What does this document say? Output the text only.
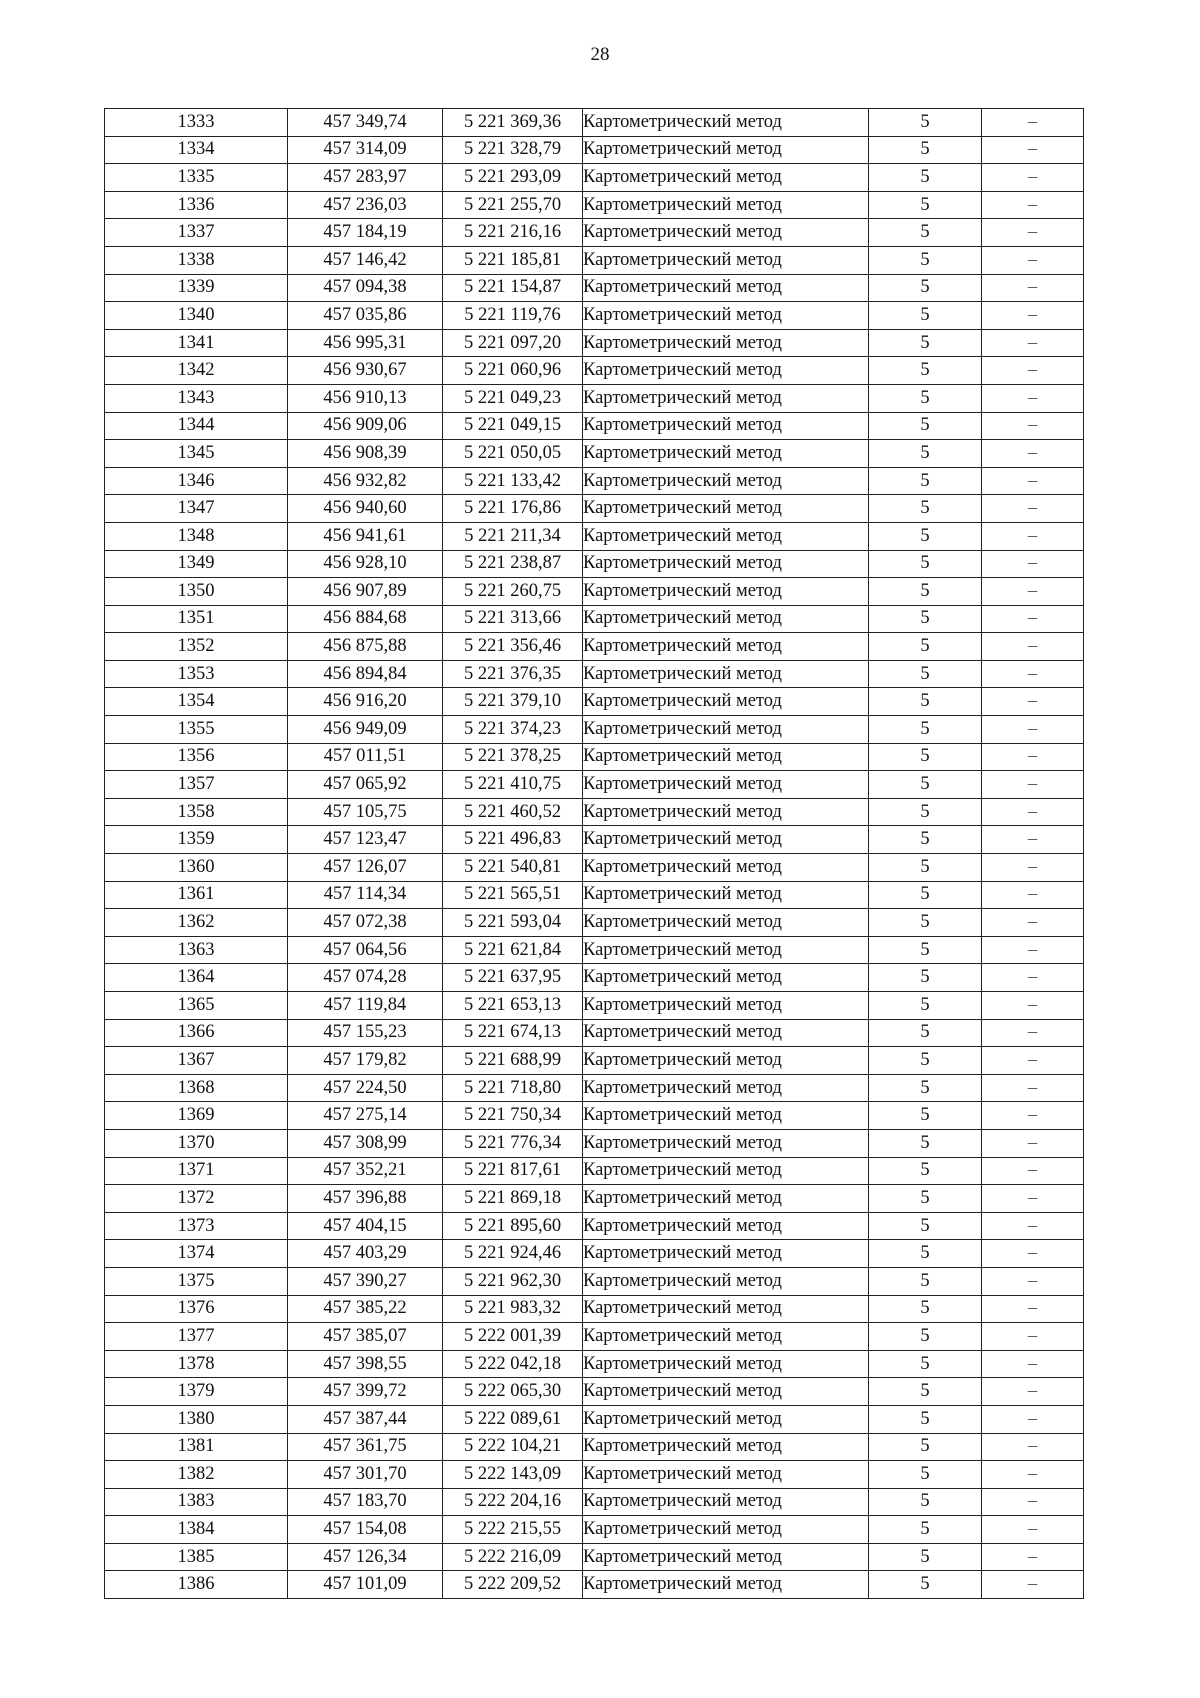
28
1333	457 349,74	5 221 369,36	Картометрический метод	5	–
1334	457 314,09	5 221 328,79	Картометрический метод	5	–
1335	457 283,97	5 221 293,09	Картометрический метод	5	–
1336	457 236,03	5 221 255,70	Картометрический метод	5	–
1337	457 184,19	5 221 216,16	Картометрический метод	5	–
1338	457 146,42	5 221 185,81	Картометрический метод	5	–
1339	457 094,38	5 221 154,87	Картометрический метод	5	–
1340	457 035,86	5 221 119,76	Картометрический метод	5	–
1341	456 995,31	5 221 097,20	Картометрический метод	5	–
1342	456 930,67	5 221 060,96	Картометрический метод	5	–
1343	456 910,13	5 221 049,23	Картометрический метод	5	–
1344	456 909,06	5 221 049,15	Картометрический метод	5	–
1345	456 908,39	5 221 050,05	Картометрический метод	5	–
1346	456 932,82	5 221 133,42	Картометрический метод	5	–
1347	456 940,60	5 221 176,86	Картометрический метод	5	–
1348	456 941,61	5 221 211,34	Картометрический метод	5	–
1349	456 928,10	5 221 238,87	Картометрический метод	5	–
1350	456 907,89	5 221 260,75	Картометрический метод	5	–
1351	456 884,68	5 221 313,66	Картометрический метод	5	–
1352	456 875,88	5 221 356,46	Картометрический метод	5	–
1353	456 894,84	5 221 376,35	Картометрический метод	5	–
1354	456 916,20	5 221 379,10	Картометрический метод	5	–
1355	456 949,09	5 221 374,23	Картометрический метод	5	–
1356	457 011,51	5 221 378,25	Картометрический метод	5	–
1357	457 065,92	5 221 410,75	Картометрический метод	5	–
1358	457 105,75	5 221 460,52	Картометрический метод	5	–
1359	457 123,47	5 221 496,83	Картометрический метод	5	–
1360	457 126,07	5 221 540,81	Картометрический метод	5	–
1361	457 114,34	5 221 565,51	Картометрический метод	5	–
1362	457 072,38	5 221 593,04	Картометрический метод	5	–
1363	457 064,56	5 221 621,84	Картометрический метод	5	–
1364	457 074,28	5 221 637,95	Картометрический метод	5	–
1365	457 119,84	5 221 653,13	Картометрический метод	5	–
1366	457 155,23	5 221 674,13	Картометрический метод	5	–
1367	457 179,82	5 221 688,99	Картометрический метод	5	–
1368	457 224,50	5 221 718,80	Картометрический метод	5	–
1369	457 275,14	5 221 750,34	Картометрический метод	5	–
1370	457 308,99	5 221 776,34	Картометрический метод	5	–
1371	457 352,21	5 221 817,61	Картометрический метод	5	–
1372	457 396,88	5 221 869,18	Картометрический метод	5	–
1373	457 404,15	5 221 895,60	Картометрический метод	5	–
1374	457 403,29	5 221 924,46	Картометрический метод	5	–
1375	457 390,27	5 221 962,30	Картометрический метод	5	–
1376	457 385,22	5 221 983,32	Картометрический метод	5	–
1377	457 385,07	5 222 001,39	Картометрический метод	5	–
1378	457 398,55	5 222 042,18	Картометрический метод	5	–
1379	457 399,72	5 222 065,30	Картометрический метод	5	–
1380	457 387,44	5 222 089,61	Картометрический метод	5	–
1381	457 361,75	5 222 104,21	Картометрический метод	5	–
1382	457 301,70	5 222 143,09	Картометрический метод	5	–
1383	457 183,70	5 222 204,16	Картометрический метод	5	–
1384	457 154,08	5 222 215,55	Картометрический метод	5	–
1385	457 126,34	5 222 216,09	Картометрический метод	5	–
1386	457 101,09	5 222 209,52	Картометрический метод	5	–
